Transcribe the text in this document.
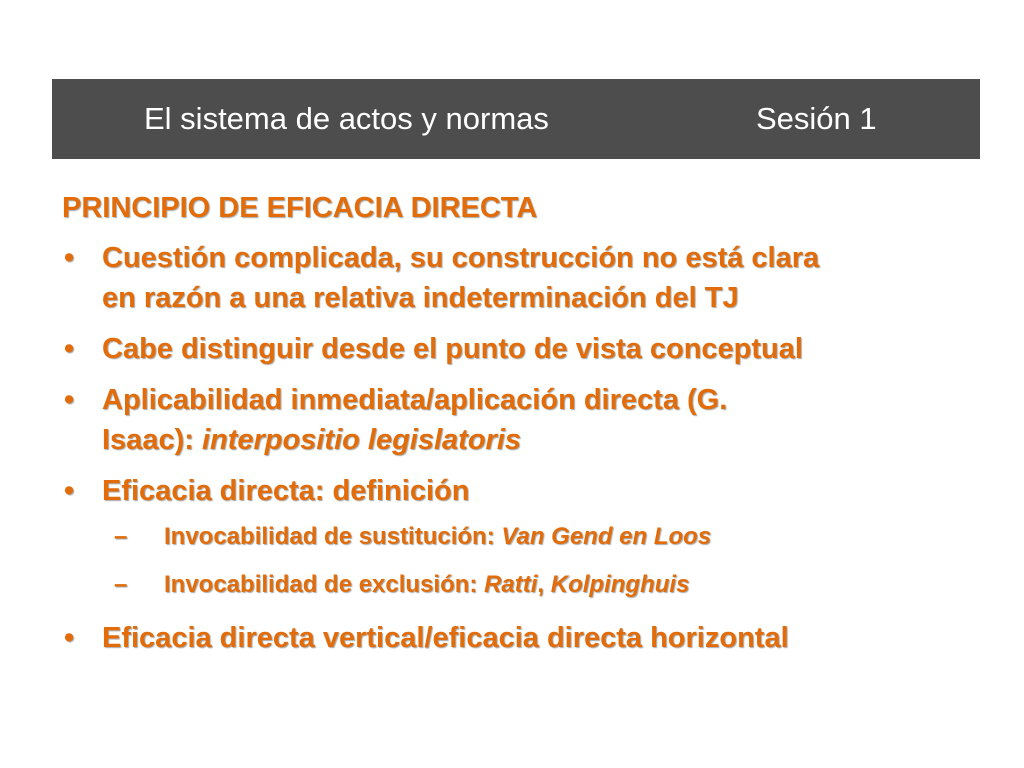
El sistema de actos y normas	Sesión 1
PRINCIPIO DE EFICACIA DIRECTA
• Cuestión complicada, su construcción no está clara
en razón a una relativa indeterminación del TJ
• Cabe distinguir desde el punto de vista conceptual
• Aplicabilidad inmediata/aplicación directa (G.
Isaac): interpositio legislatoris
• Eficacia directa: definición
– Invocabilidad de sustitución: Van Gend en Loos
– Invocabilidad de exclusión: Ratti, Kolpinghuis
• Eficacia directa vertical/eficacia directa horizontal
